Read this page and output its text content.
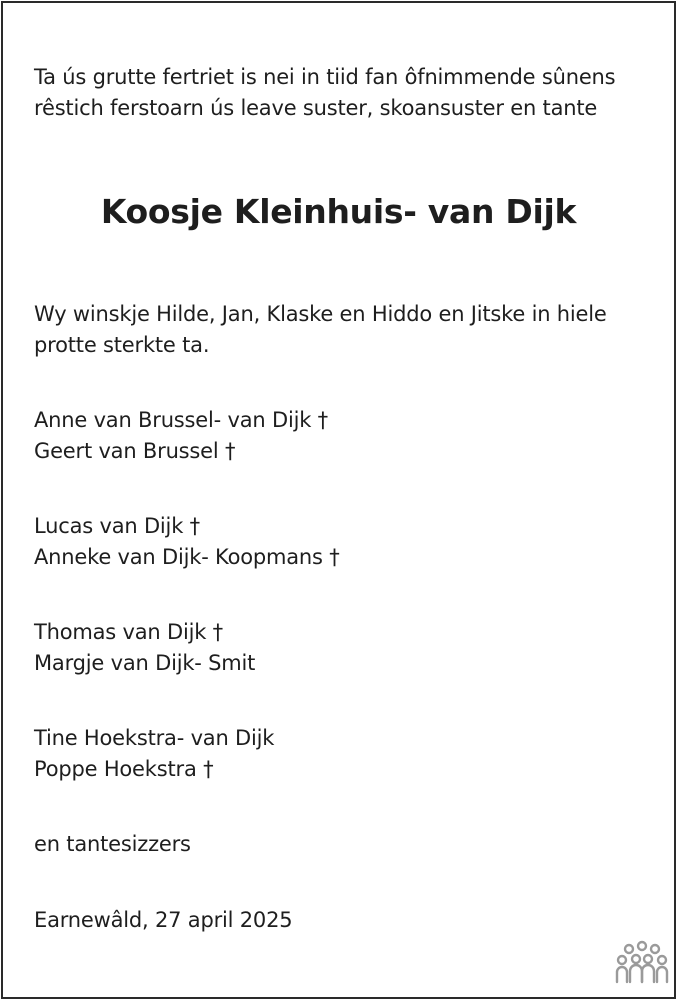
Ta ús grutte fertriet is nei in tiid fan ôfnimmende sûnens
rêstich ferstoarn ús leave suster, skoansuster en tante
Koosje Kleinhuis- van Dijk
Wy winskje Hilde, Jan, Klaske en Hiddo en Jitske in hiele
protte sterkte ta.
Anne van Brussel- van Dijk †
Geert van Brussel †
Lucas van Dijk †
Anneke van Dijk- Koopmans †
Thomas van Dijk †
Margje van Dijk- Smit
Tine Hoekstra- van Dijk
Poppe Hoekstra †
en tantesizzers
Earnewâld, 27 april 2025
